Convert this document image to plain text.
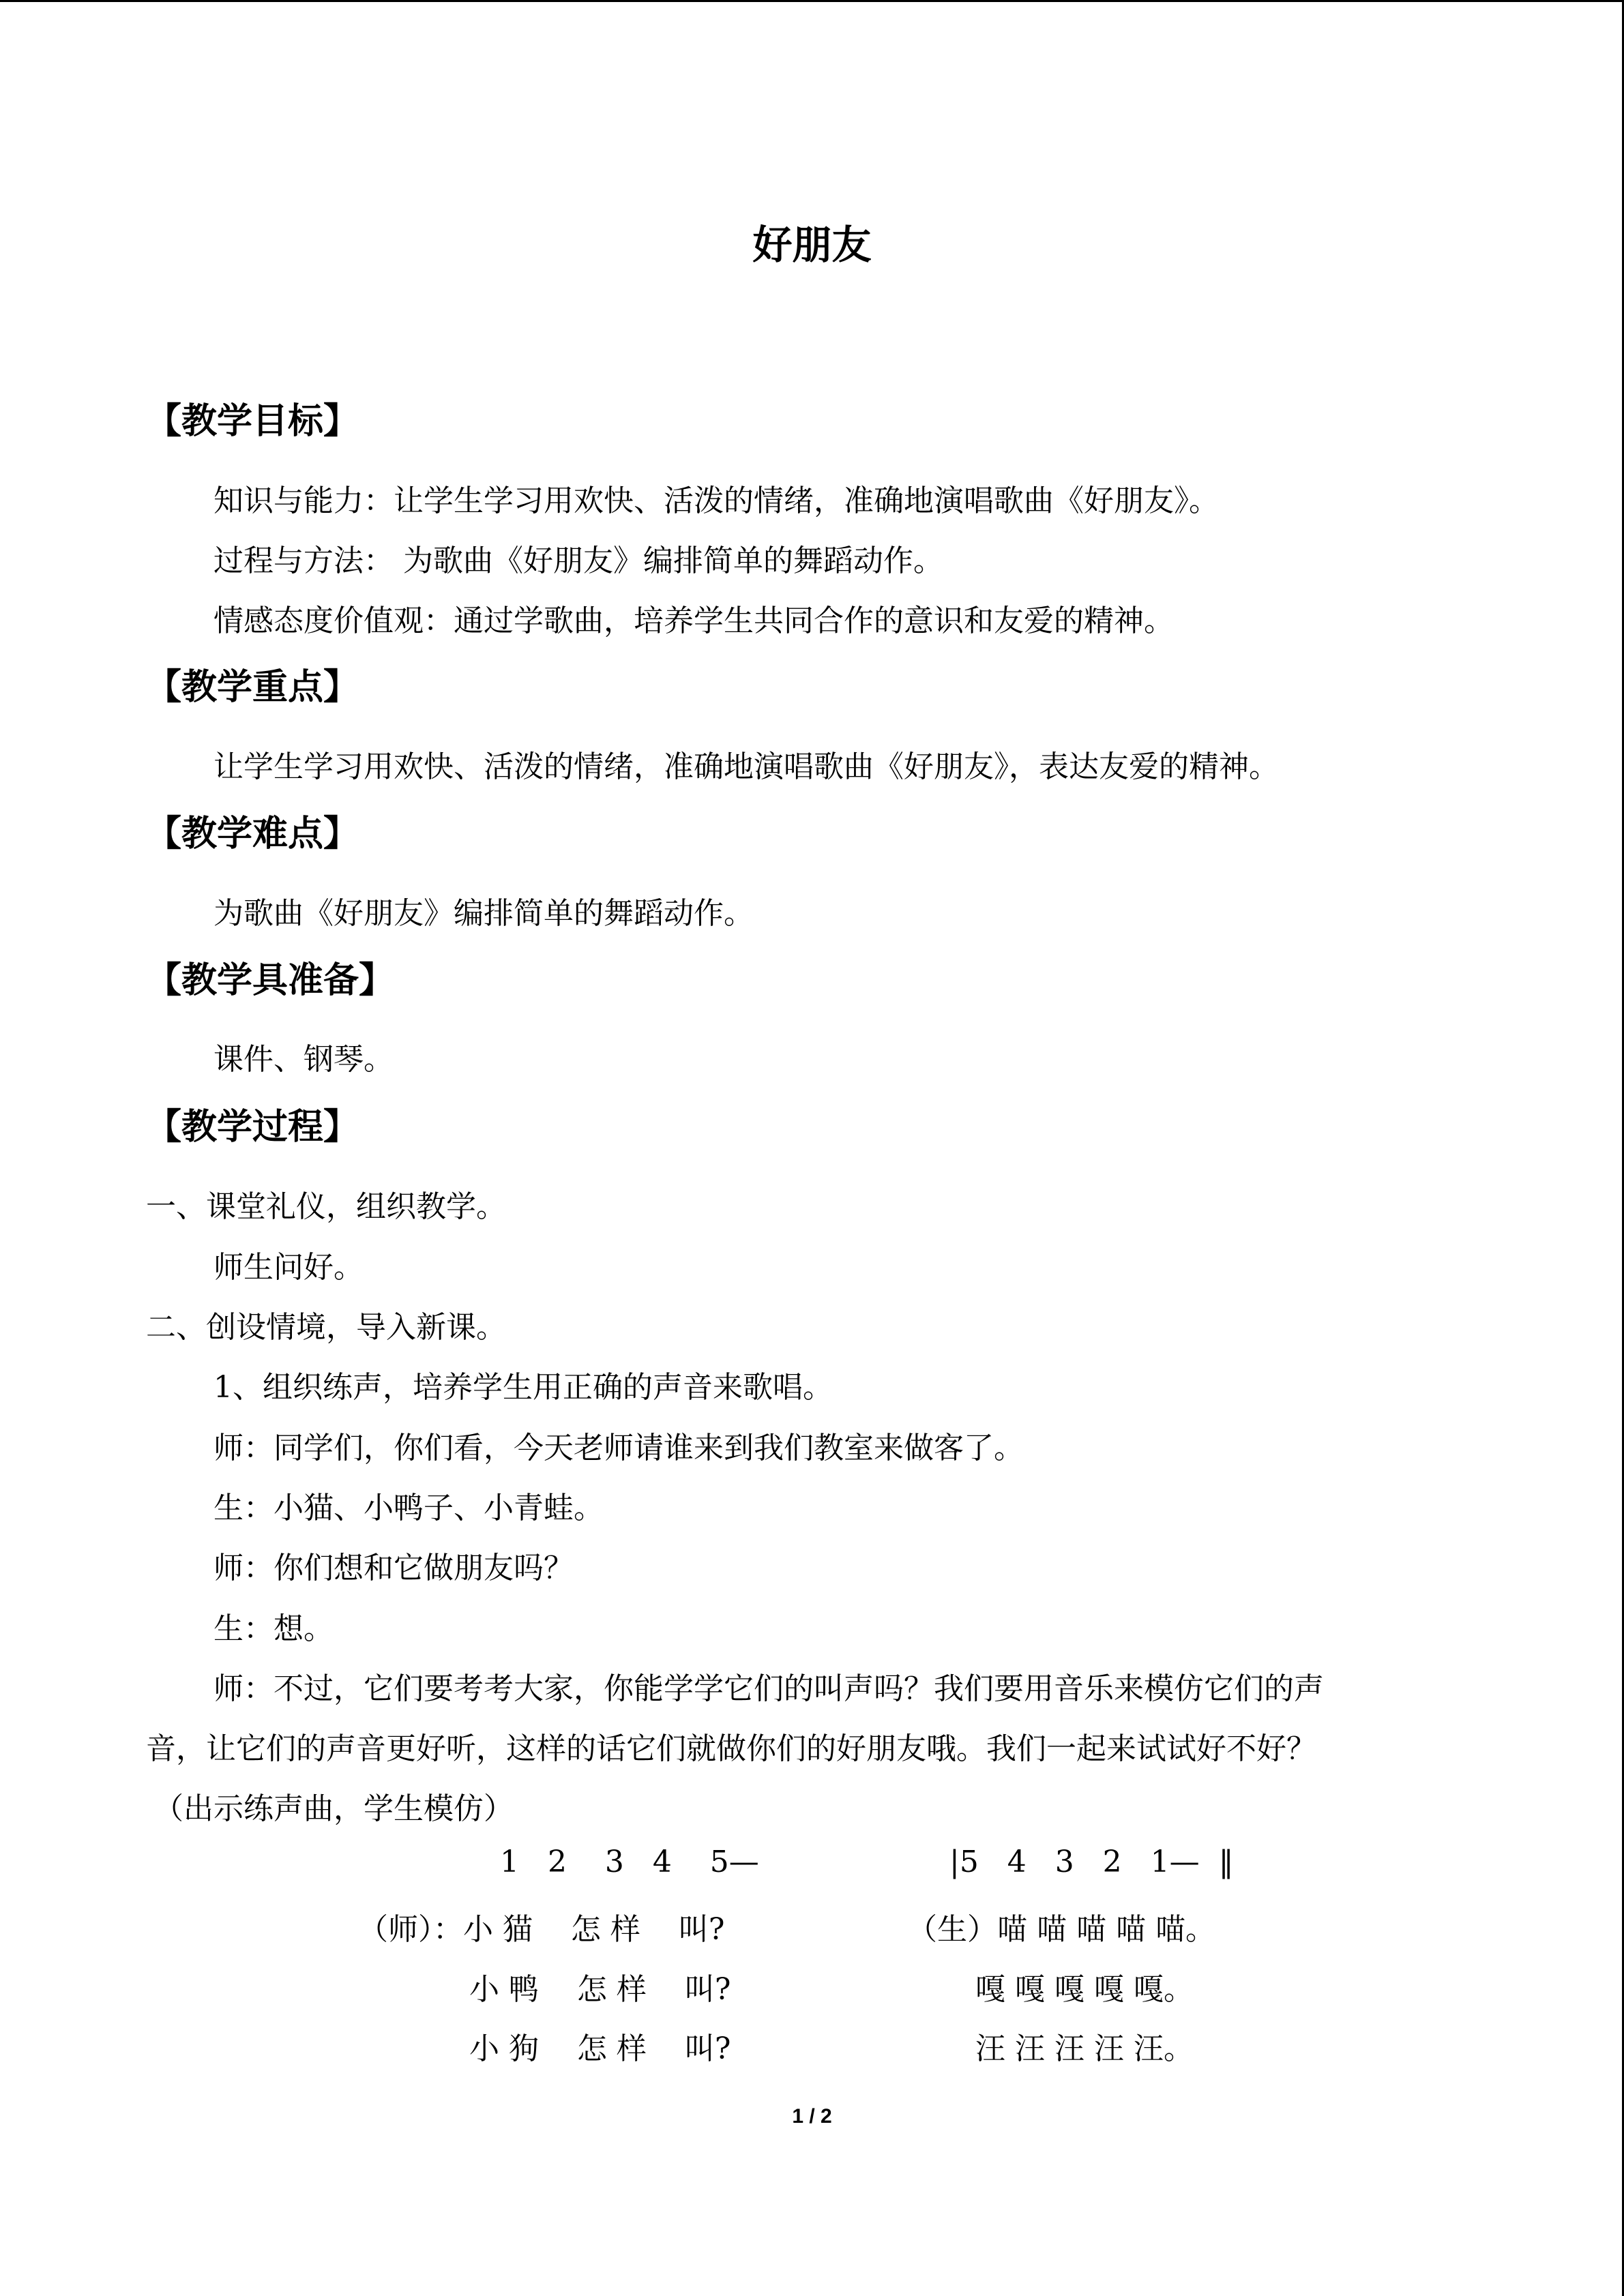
好朋友
【教学目标】
知识与能力：让学生学习用欢快、活泼的情绪，准确地演唱歌曲《好朋友》。
过程与方法： 为歌曲《好朋友》编排简单的舞蹈动作。
情感态度价值观：通过学歌曲，培养学生共同合作的意识和友爱的精神。
【教学重点】
让学生学习用欢快、活泼的情绪，准确地演唱歌曲《好朋友》，表达友爱的精神。
【教学难点】
为歌曲《好朋友》编排简单的舞蹈动作。
【教学具准备】
课件、钢琴。
【教学过程】
一、课堂礼仪，组织教学。
师生问好。
二、创设情境，导入新课。
1、组织练声，培养学生用正确的声音来歌唱。
师：同学们，你们看，今天老师请谁来到我们教室来做客了。
生：小猫、小鸭子、小青蛙。
师：你们想和它做朋友吗？
生：想。
师：不过，它们要考考大家，你能学学它们的叫声吗？我们要用音乐来模仿它们的声
音，让它们的声音更好听，这样的话它们就做你们的好朋友哦。我们一起来试试好不好？
（出示练声曲，学生模仿）
1   2    3   4    5—	|5   4   3   2   1—  ‖
（师）：小 猫    怎 样    叫?	（生）喵 喵 喵 喵 喵。
小 鸭    怎 样    叫?	嘎 嘎 嘎 嘎 嘎。
小 狗    怎 样    叫?	汪 汪 汪 汪 汪。
1 / 2
